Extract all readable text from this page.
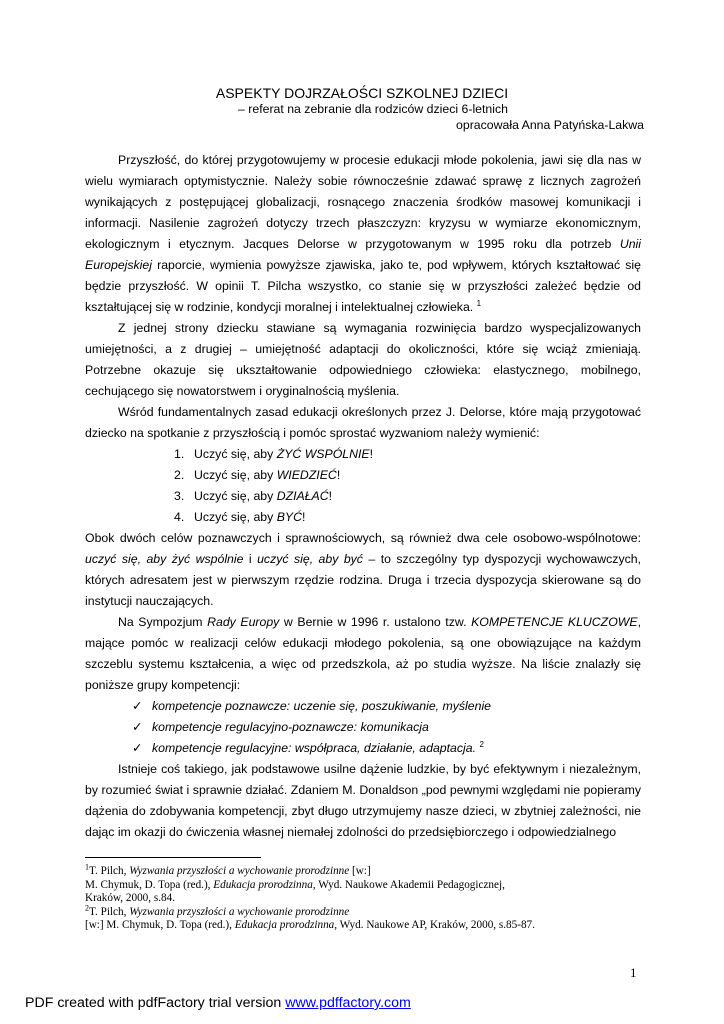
ASPEKTY DOJRZAŁOŚCI SZKOLNEJ DZIECI
– referat na zebranie dla rodziców dzieci 6-letnich
opracowała Anna Patyńska-Lakwa

Przyszłość, do której przygotowujemy w procesie edukacji młode pokolenia, jawi się dla nas w wielu wymiarach optymistycznie. Należy sobie równocześnie zdawać sprawę z licznych zagrożeń wynikających z postępującej globalizacji, rosnącego znaczenia środków masowej komunikacji i informacji. Nasilenie zagrożeń dotyczy trzech płaszczyzn: kryzysu w wymiarze ekonomicznym, ekologicznym i etycznym. Jacques Delorse w przygotowanym w 1995 roku dla potrzeb Unii Europejskiej raporcie, wymienia powyższe zjawiska, jako te, pod wpływem, których kształtować się będzie przyszłość. W opinii T. Pilcha wszystko, co stanie się w przyszłości zależeć będzie od kształtującej się w rodzinie, kondycji moralnej i intelektualnej człowieka. $^1$

Z jednej strony dziecku stawiane są wymagania rozwinięcia bardzo wyspecjalizowanych umiejętności, a z drugiej – umiejętność adaptacji do okoliczności, które się wciąż zmieniają. Potrzebne okazuje się ukształtowanie odpowiedniego człowieka: elastycznego, mobilnego, cechującego się nowatorstwem i oryginalnością myślenia.

Wśród fundamentalnych zasad edukacji określonych przez J. Delorse, które mają przygotować dziecko na spotkanie z przyszłością i pomóc sprostać wyzwaniom należy wymienić:

1. Uczyć się, aby ŻYĆ WSPÓLNIE!
2. Uczyć się, aby WIEDZIEĆ!
3. Uczyć się, aby DZIAŁAĆ!
4. Uczyć się, aby BYĆ!

Obok dwóch celów poznawczych i sprawnościowych, są również dwa cele osobowo-wspólnotowe: uczyć się, aby żyć wspólnie i uczyć się, aby być – to szczególny typ dyspozycji wychowawczych, których adresatem jest w pierwszym rzędzie rodzina. Druga i trzecia dyspozycja skierowane są do instytucji nauczających.

Na Sympozjum Rady Europy w Bernie w 1996 r. ustalono tzw. KOMPETENCJE KLUCZOWE, mające pomóc w realizacji celów edukacji młodego pokolenia, są one obowiązujące na każdym szczeblu systemu kształcenia, a więc od przedszkola, aż po studia wyższe. Na liście znalazły się poniższe grupy kompetencji:

✓ kompetencje poznawcze: uczenie się, poszukiwanie, myślenie
✓ kompetencje regulacyjno-poznawcze: komunikacja
✓ kompetencje regulacyjne: współpraca, działanie, adaptacja. $^2$

Istnieje coś takiego, jak podstawowe usilne dążenie ludzkie, by być efektywnym i niezależnym, by rozumieć świat i sprawnie działać. Zdaniem M. Donaldson „pod pewnymi względami nie popieramy dążenia do zdobywania kompetencji, zbyt długo utrzymujemy nasze dzieci, w zbytniej zależności, nie dając im okazji do ćwiczenia własnej niemałej zdolności do przedsiębiorczego i odpowiedzialnego

$^1$T. Pilch, Wyzwania przyszłości a wychowanie prorodzinne [w:]
M. Chymuk, D. Topa (red.), Edukacja prorodzinna, Wyd. Naukowe Akademii Pedagogicznej,
Kraków, 2000, s.84.
$^2$T. Pilch, Wyzwania przyszłości a wychowanie prorodzinne
[w:] M. Chymuk, D. Topa (red.), Edukacja prorodzinna, Wyd. Naukowe AP, Kraków, 2000, s.85-87.
1
PDF created with pdfFactory trial version www.pdffactory.com
